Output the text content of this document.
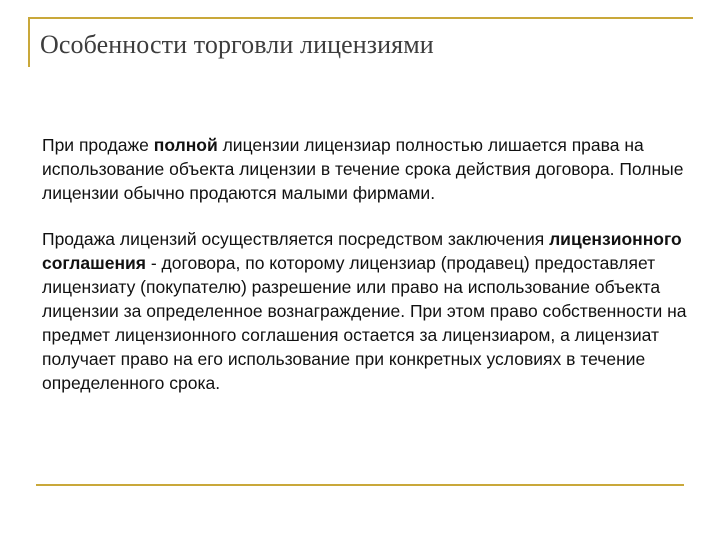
Особенности торговли лицензиями

При продаже полной лицензии лицензиар полностью лишается права на использование объекта лицензии в течение срока действия договора. Полные лицензии обычно продаются малыми фирмами.

Продажа лицензий осуществляется посредством заключения лицензионного соглашения - договора, по которому лицензиар (продавец) предоставляет лицензиату (покупателю) разрешение или право на использование объекта лицензии за определенное вознаграждение. При этом право собственности на предмет лицензионного соглашения остается за лицензиаром, а лицензиат получает право на его использование при конкретных условиях в течение определенного срока.
